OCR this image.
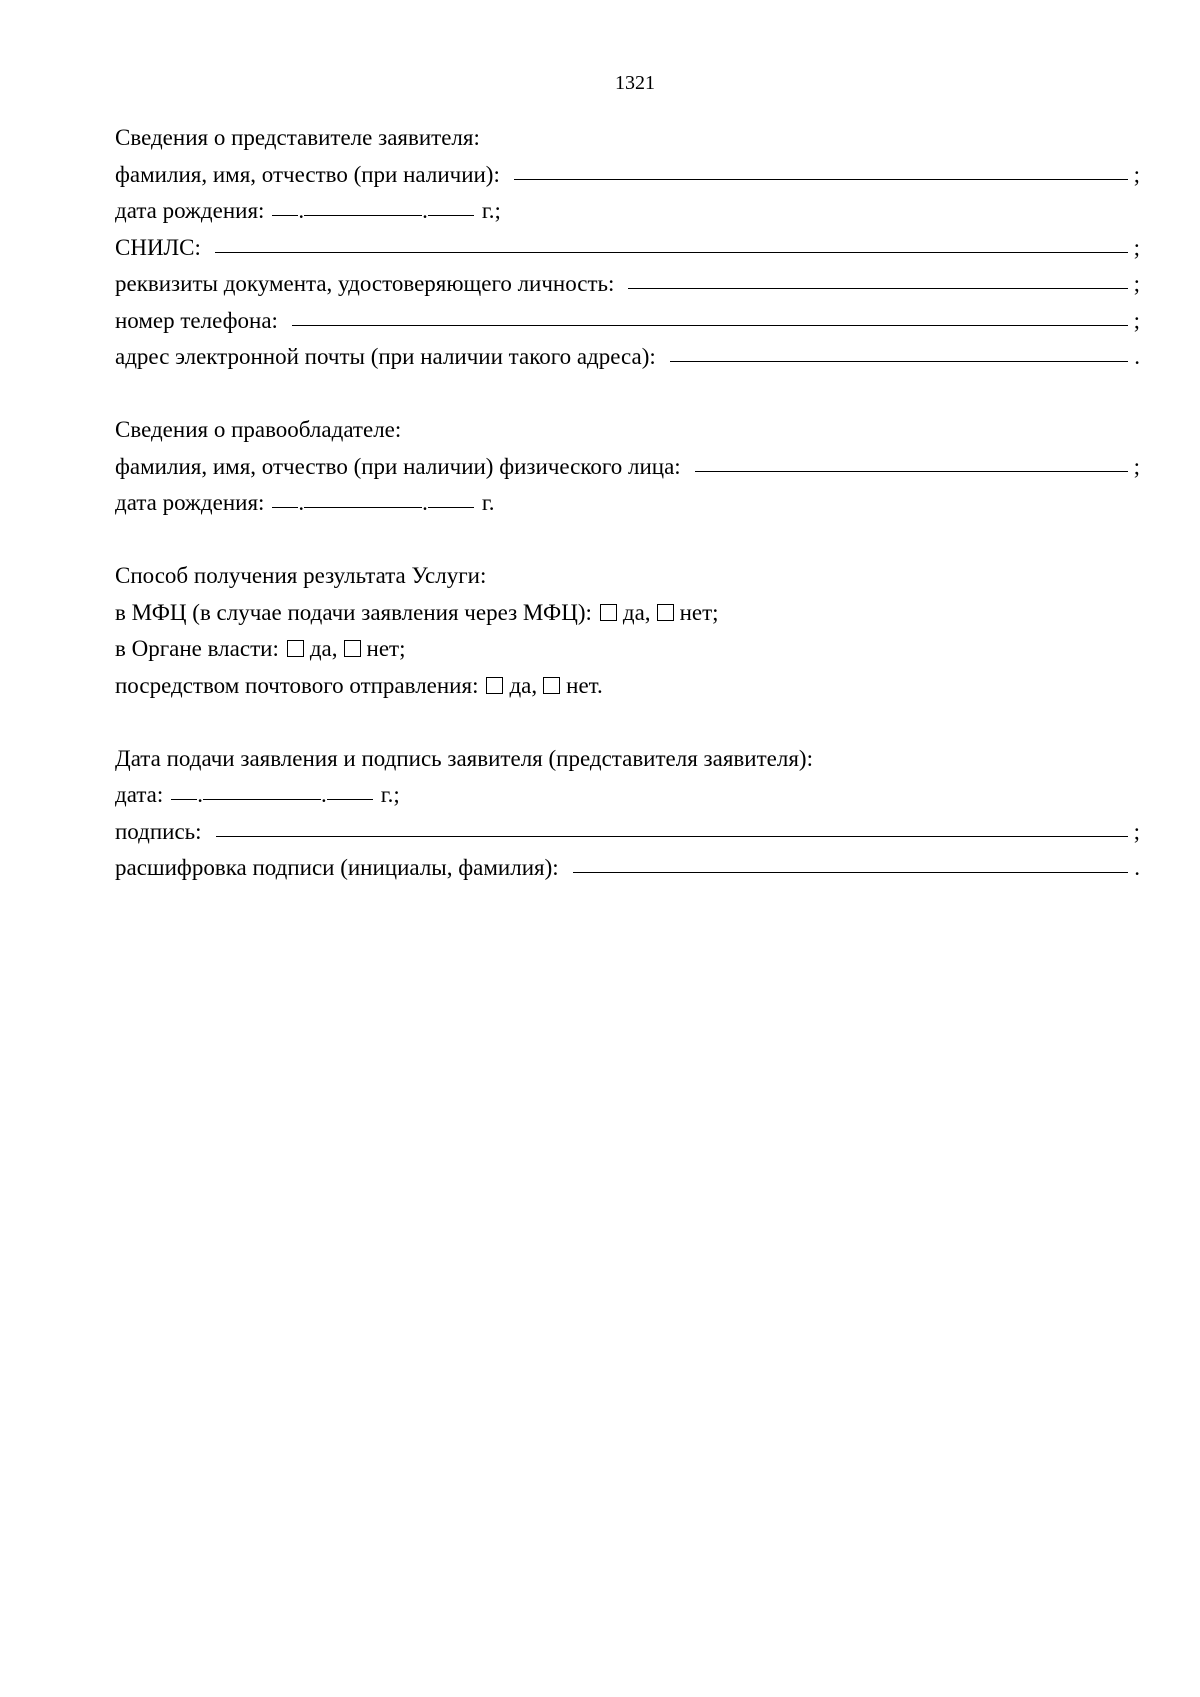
1321
Сведения о представителе заявителя:
фамилия, имя, отчество (при наличии):	;
дата рождения: .	. г.;
СНИЛС:	;
реквизиты документа, удостоверяющего личность:	;
номер телефона:	;
адрес электронной почты (при наличии такого адреса):	.
Сведения о правообладателе:
фамилия, имя, отчество (при наличии) физического лица:	;
дата рождения: .	. г.
Способ получения результата Услуги:
в МФЦ (в случае подачи заявления через МФЦ): да, нет;
в Органе власти: да, нет;
посредством почтового отправления: да, нет.
Дата подачи заявления и подпись заявителя (представителя заявителя):
дата: .	. г.;
подпись:	;
расшифровка подписи (инициалы, фамилия):	.
